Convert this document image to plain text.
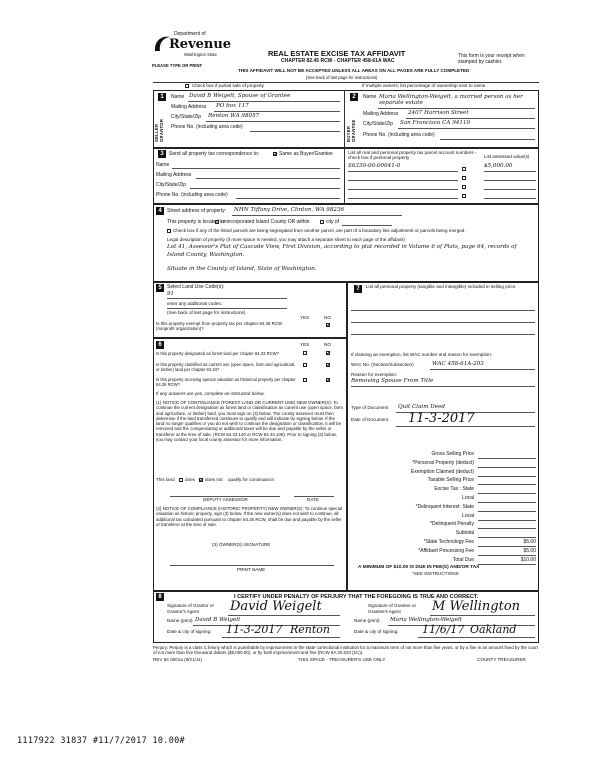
Department of
Revenue
Washington State
PLEASE TYPE OR PRINT
REAL ESTATE EXCISE TAX AFFIDAVIT
CHAPTER 82.45 RCW - CHAPTER 458-61A WAC
This form is your receipt when stamped by cashier.
THIS AFFIDAVIT WILL NOT BE ACCEPTED UNLESS ALL AREAS ON ALL PAGES ARE FULLY COMPLETED
(See back of last page for instructions)
Check box if partial sale of property	If multiple owners, list percentage of ownership next to name.
1
SELLER GRANTOR
Name David B Weigelt, Spouse of Grantee
Mailing Address PO box 117
City/State/Zip Renton WA 98057
Phone No. (including area code)
2
BUYER GRANTEE
Name Maria Wellington-Weigelt, a married person as her separate estate
Mailing Address 2407 Harrison Street
City/State/Zip San Francisco CA 94110
Phone No. (including area code)
3	Send all property tax correspondence to:	Same as Buyer/Grantee
Name
Mailing Address
City/State/Zip
Phone No. (including area code)
List all real and personal property tax parcel account numbers - check box if personal property	List assessed value(s)
S6330-00-00041-0	$5,000.00
4	Street address of property: NHN Tiffany Drive, Clinton, WA 98236
This property is located in
unincorporated Island County OR within	city of
Check box if any of the listed parcels are being segregated from another parcel, are part of a boundary line adjustment or parcels being merged.
Legal description of property (if more space is needed, you may attach a separate sheet to each page of the affidavit)
Lot 41, Assessor's Plat of Cascade View, First Division, according to plat recorded in Volume 6 of Plats, page 64, records of
Island County, Washington.
Situate in the County of Island, State of Washington.
5	Select Land Use Code(s):
91
enter any additional codes:
(See back of last page for instructions)
YES	NO
Is this property exempt from property tax per chapter 84.36 RCW (nonprofit organization)?
6	YES	NO
Is this property designated as forest land per chapter 84.33 RCW?
Is this property classified as current use (open space, farm and agricultural, or timber) land per chapter 84.34?
Is this property receiving special valuation as historical property per chapter 84.26 RCW?
If any answers are yes, complete as instructed below.
(1) NOTICE OF CONTINUANCE (FOREST LAND OR CURRENT USE) NEW OWNER(S): To continue the current designation as forest land or classification as current use (open space, farm and agriculture, or timber) land, you must sign on (3) below. The county assessor must then determine if the land transferred continues to qualify and will indicate by signing below. If the land no longer qualifies or you do not wish to continue the designation or classification, it will be removed and the compensating or additional taxes will be due and payable by the seller or transferor at the time of sale. (RCW 84.33.140 or RCW 84.34.108). Prior to signing (3) below, you may contact your local county assessor for more information.
This land does does not qualify for continuance.
DEPUTY ASSESSOR	DATE
(2) NOTICE OF COMPLIANCE (HISTORIC PROPERTY) NEW OWNER(S): To continue special valuation as historic property, sign (3) below. If the new owner(s) does not wish to continue, all additional tax calculated pursuant to chapter 84.26 RCW, shall be due and payable by the seller or transferor at the time of sale.
(3) OWNER(S) SIGNATURE
PRINT NAME
7	List all personal property (tangible and intangible) included in selling price.
If claiming an exemption, list WAC number and reason for exemption:
WAC No. (Section/Subsection)	WAC 458-61A-203
Reason for exemption:
Removing Spouse From Title
Type of Document Quit Claim Deed
Date of Document 11-3-2017
Gross Selling Price
*Personal Property (deduct)
Exemption Claimed (deduct)
Taxable Selling Price
Excise Tax : State
Local
*Delinquent Interest: State
Local
*Delinquent Penalty
Subtotal
*State Technology Fee	$5.00
*Affidavit Processing Fee	$5.00
Total Due	$10.00
A MINIMUM OF $10.00 IS DUE IN FEE(S) AND/OR TAX
*SEE INSTRUCTIONS
8	I CERTIFY UNDER PENALTY OF PERJURY THAT THE FOREGOING IS TRUE AND CORRECT.
Signature of Grantor or Grantor's Agent	David Weigelt
Name (print) David B Weigelt
Date & city of signing: 11-3-2017 Renton
Signature of Grantee or Grantee's Agent	M Wellington
Name (print) Maria Wellington-Weigelt
Date & city of signing: 11/6/17 Oakland
Perjury: Perjury is a class C felony which is punishable by imprisonment in the state correctional institution for a maximum term of not more than five years, or by a fine in an amount fixed by the court of not more than five thousand dollars ($5,000.00), or by both imprisonment and fine (RCW 9A.20.020 (1C)).
REV 84 0001a (9/21/11)	THIS SPACE - TREASURER'S USE ONLY	COUNTY TREASURER
1117922 31837 #11/7/2017 10.00#
